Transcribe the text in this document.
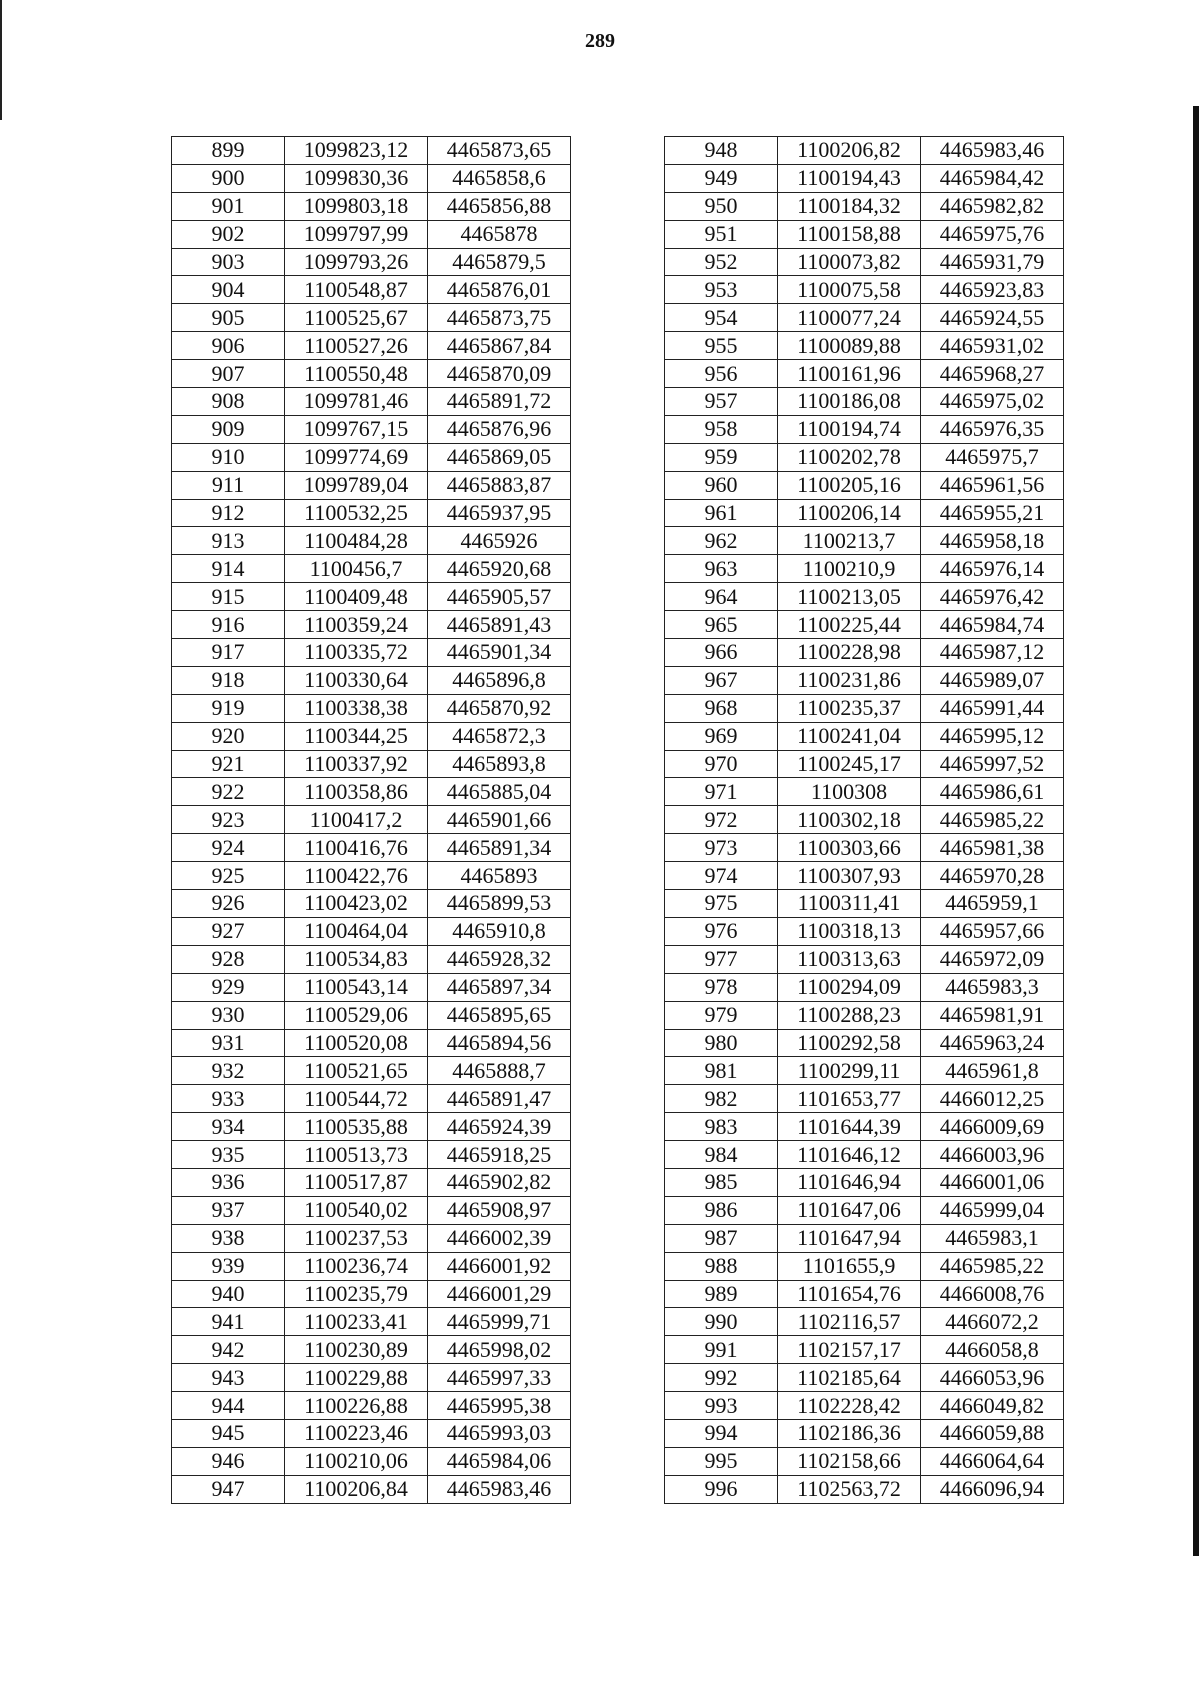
289
899	1099823,12	4465873,65
900	1099830,36	4465858,6
901	1099803,18	4465856,88
902	1099797,99	4465878
903	1099793,26	4465879,5
904	1100548,87	4465876,01
905	1100525,67	4465873,75
906	1100527,26	4465867,84
907	1100550,48	4465870,09
908	1099781,46	4465891,72
909	1099767,15	4465876,96
910	1099774,69	4465869,05
911	1099789,04	4465883,87
912	1100532,25	4465937,95
913	1100484,28	4465926
914	1100456,7	4465920,68
915	1100409,48	4465905,57
916	1100359,24	4465891,43
917	1100335,72	4465901,34
918	1100330,64	4465896,8
919	1100338,38	4465870,92
920	1100344,25	4465872,3
921	1100337,92	4465893,8
922	1100358,86	4465885,04
923	1100417,2	4465901,66
924	1100416,76	4465891,34
925	1100422,76	4465893
926	1100423,02	4465899,53
927	1100464,04	4465910,8
928	1100534,83	4465928,32
929	1100543,14	4465897,34
930	1100529,06	4465895,65
931	1100520,08	4465894,56
932	1100521,65	4465888,7
933	1100544,72	4465891,47
934	1100535,88	4465924,39
935	1100513,73	4465918,25
936	1100517,87	4465902,82
937	1100540,02	4465908,97
938	1100237,53	4466002,39
939	1100236,74	4466001,92
940	1100235,79	4466001,29
941	1100233,41	4465999,71
942	1100230,89	4465998,02
943	1100229,88	4465997,33
944	1100226,88	4465995,38
945	1100223,46	4465993,03
946	1100210,06	4465984,06
947	1100206,84	4465983,46
948	1100206,82	4465983,46
949	1100194,43	4465984,42
950	1100184,32	4465982,82
951	1100158,88	4465975,76
952	1100073,82	4465931,79
953	1100075,58	4465923,83
954	1100077,24	4465924,55
955	1100089,88	4465931,02
956	1100161,96	4465968,27
957	1100186,08	4465975,02
958	1100194,74	4465976,35
959	1100202,78	4465975,7
960	1100205,16	4465961,56
961	1100206,14	4465955,21
962	1100213,7	4465958,18
963	1100210,9	4465976,14
964	1100213,05	4465976,42
965	1100225,44	4465984,74
966	1100228,98	4465987,12
967	1100231,86	4465989,07
968	1100235,37	4465991,44
969	1100241,04	4465995,12
970	1100245,17	4465997,52
971	1100308	4465986,61
972	1100302,18	4465985,22
973	1100303,66	4465981,38
974	1100307,93	4465970,28
975	1100311,41	4465959,1
976	1100318,13	4465957,66
977	1100313,63	4465972,09
978	1100294,09	4465983,3
979	1100288,23	4465981,91
980	1100292,58	4465963,24
981	1100299,11	4465961,8
982	1101653,77	4466012,25
983	1101644,39	4466009,69
984	1101646,12	4466003,96
985	1101646,94	4466001,06
986	1101647,06	4465999,04
987	1101647,94	4465983,1
988	1101655,9	4465985,22
989	1101654,76	4466008,76
990	1102116,57	4466072,2
991	1102157,17	4466058,8
992	1102185,64	4466053,96
993	1102228,42	4466049,82
994	1102186,36	4466059,88
995	1102158,66	4466064,64
996	1102563,72	4466096,94
